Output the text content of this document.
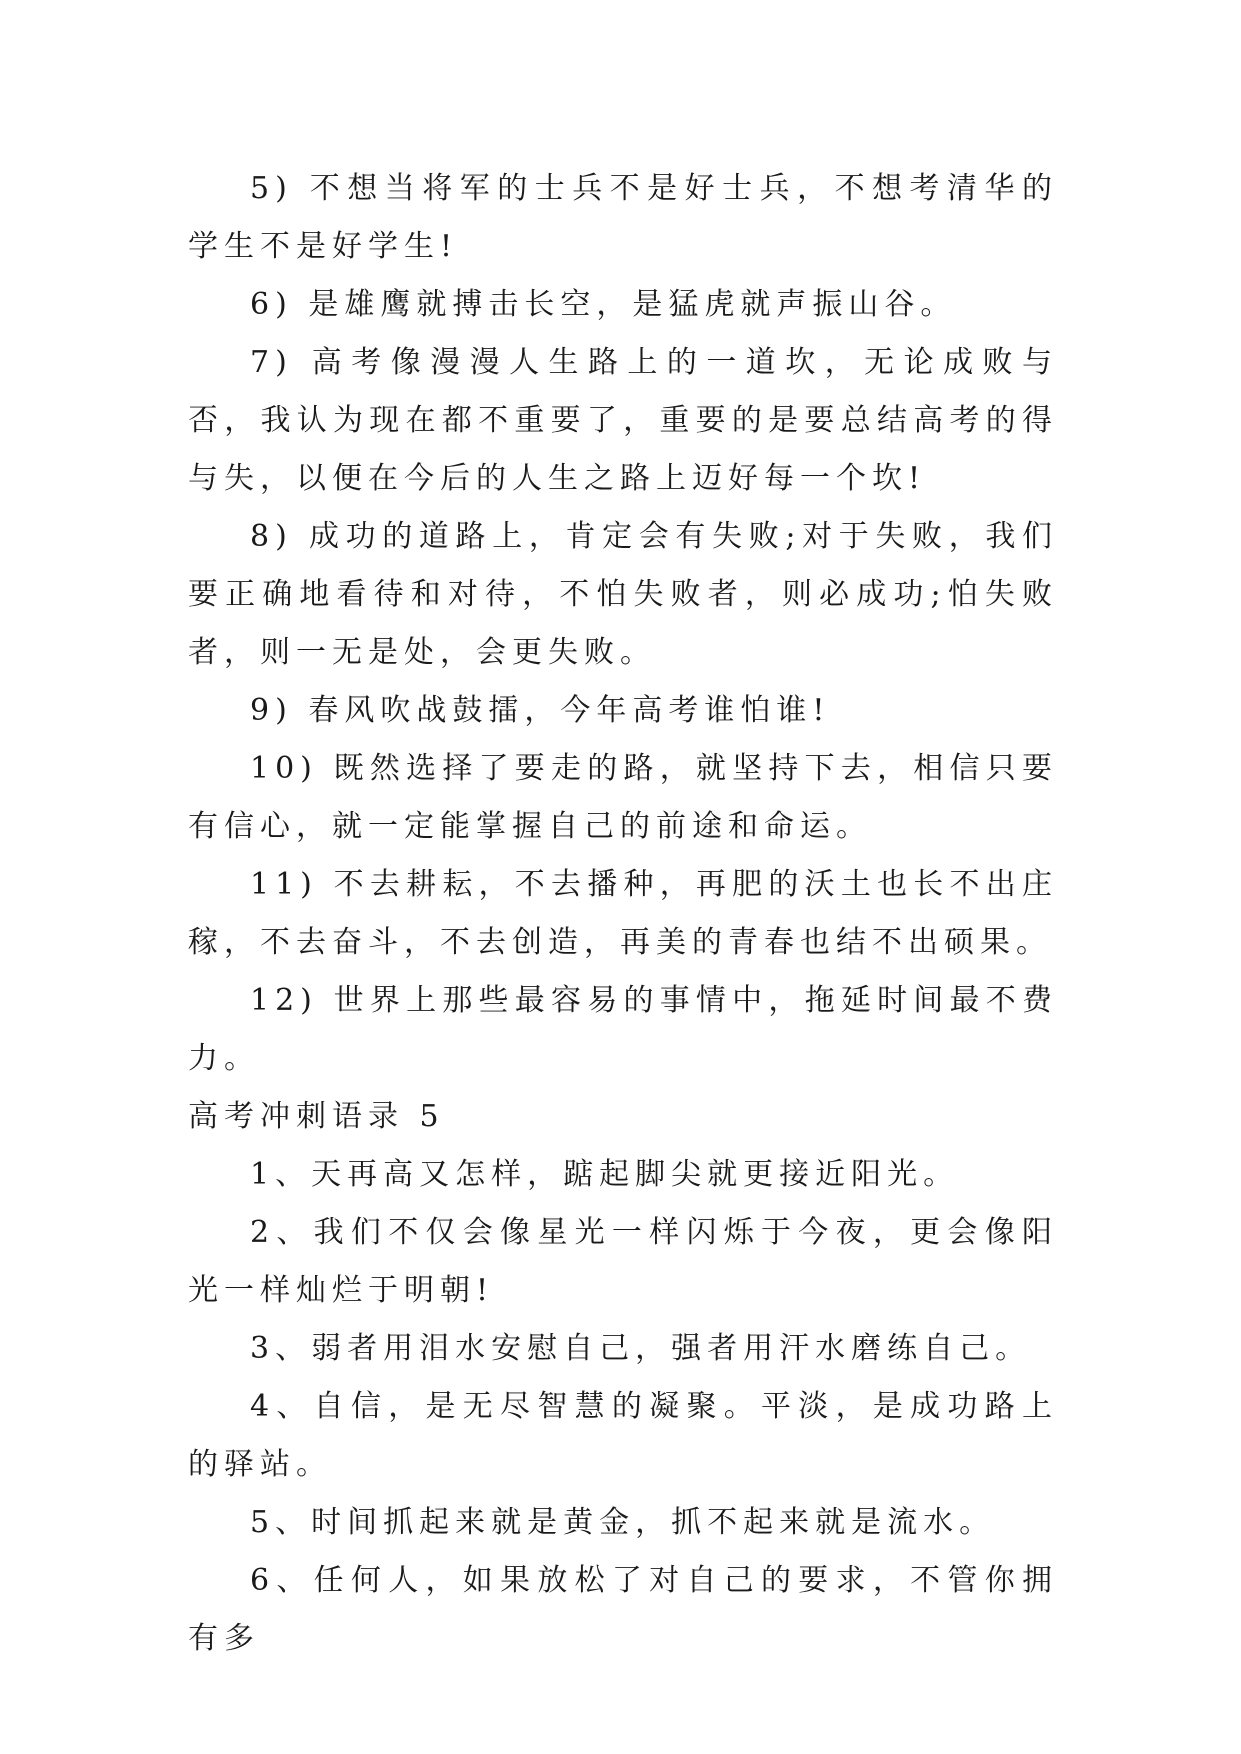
5) 不想当将军的士兵不是好士兵，不想考清华的学生不是好学生!

6) 是雄鹰就搏击长空，是猛虎就声振山谷。

7) 高考像漫漫人生路上的一道坎，无论成败与否，我认为现在都不重要了，重要的是要总结高考的得与失，以便在今后的人生之路上迈好每一个坎!

8) 成功的道路上，肯定会有失败;对于失败，我们要正确地看待和对待，不怕失败者，则必成功;怕失败者，则一无是处，会更失败。

9) 春风吹战鼓擂，今年高考谁怕谁!

10) 既然选择了要走的路，就坚持下去，相信只要有信心，就一定能掌握自己的前途和命运。

11) 不去耕耘，不去播种，再肥的沃土也长不出庄稼，不去奋斗，不去创造，再美的青春也结不出硕果。

12) 世界上那些最容易的事情中，拖延时间最不费力。

高考冲刺语录 5

1、天再高又怎样，踮起脚尖就更接近阳光。

2、我们不仅会像星光一样闪烁于今夜，更会像阳光一样灿烂于明朝!

3、弱者用泪水安慰自己，强者用汗水磨练自己。

4、自信，是无尽智慧的凝聚。平淡，是成功路上的驿站。

5、时间抓起来就是黄金，抓不起来就是流水。

6、任何人，如果放松了对自己的要求，不管你拥有多
